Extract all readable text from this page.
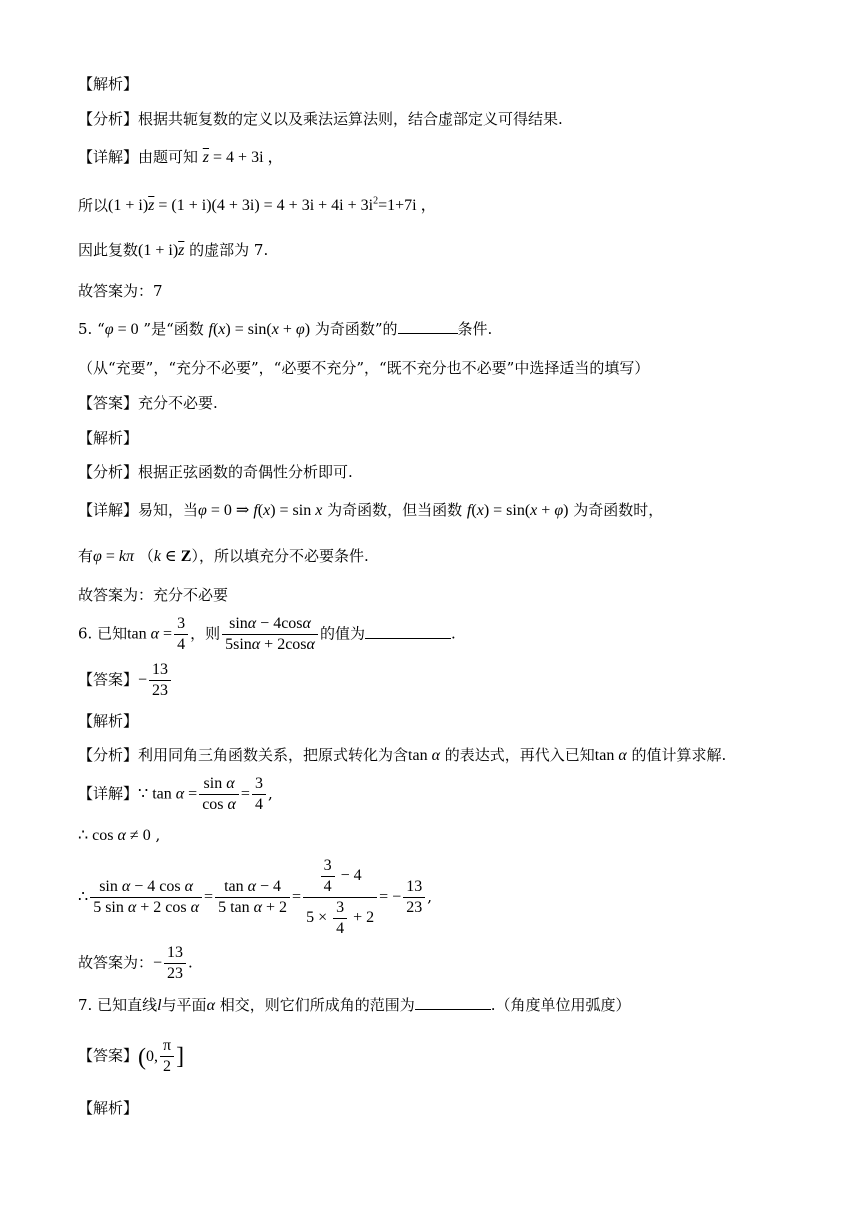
【解析】
【分析】根据共轭复数的定义以及乘法运算法则，结合虚部定义可得结果.
【详解】由题可知 $\overline{z} = 4 + 3i$ ，
所以$(1 + i)\overline{z} = (1 + i)(4 + 3i) = 4 + 3i + 4i + 3i^2=1+7i$ ，
因此复数$(1 + i)\overline{z}$ 的虚部为 7.
故答案为：7
5. “φ = 0 ”是“函数 f(x) = sin(x + φ) 为奇函数”的	条件.
（从“充要”，“充分不必要”，“必要不充分”，“既不充分也不必要”中选择适当的填写）
【答案】充分不必要.
【解析】
【分析】根据正弦函数的奇偶性分析即可.
【详解】易知，当φ = 0 ⇒ f(x) = sin x 为奇函数，但当函数 f(x) = sin(x + φ) 为奇函数时，
有φ = kπ （k ∈ Z），所以填充分不必要条件.
故答案为：充分不必要
6. 已知$\tan \alpha = \frac{3}{4}$ ，则 $\frac{\sin\alpha - 4\cos\alpha}{5\sin\alpha + 2\cos\alpha}$ 的值为	.
【答案】− $\frac{13}{23}$
【解析】
【分析】利用同角三角函数关系，把原式转化为含tan α 的表达式，再代入已知tan α 的值计算求解.
【详解】∵ $\tan \alpha = \frac{\text{sin α}}{\text{cos α}} = \frac{3}{4}$ ,
∴ cos α ≠ 0 ,
∴ $\frac{\text{sin α − 4 cos α}}{\text{5 sin α + 2 cos α}} = \frac{\text{tan α − 4}}{\text{5 tan α + 2}} = \frac{\frac{3}{4} - 4}{5 \times \frac{3}{4} + 2}$ = − $\frac{13}{23}$ ,
故答案为：− $\frac{13}{23}$ .
7. 已知直线l与平面α 相交，则它们所成角的范围为	.（角度单位用弧度）
【答案】(0, $\frac{\pi}{2}$ ]
【解析】
